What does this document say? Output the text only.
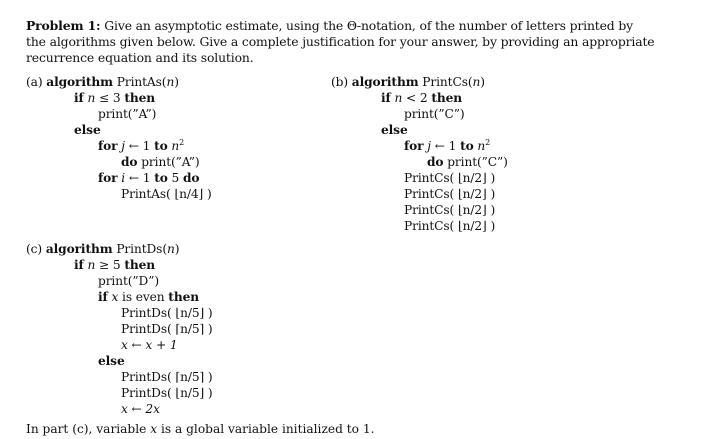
Problem 1: Give an asymptotic estimate, using the Θ-notation, of the number of letters printed by the algorithms given below. Give a complete justification for your answer, by providing an appropriate recurrence equation and its solution.
(a) algorithm PrintAs(n)
if n ≤ 3 then
print(”A”)
else
for j ← 1 to $n^2$
do print(”A”)
for i ← 1 to 5 do
PrintAs( ⌊n/4⌋ )
(b) algorithm PrintCs(n)
if n < 2 then
print(”C”)
else
for j ← 1 to $n^2$
do print(”C”)
PrintCs( ⌊n/2⌋ )
PrintCs( ⌊n/2⌋ )
PrintCs( ⌊n/2⌋ )
PrintCs( ⌊n/2⌋ )
(c) algorithm PrintDs(n)
if n ≥ 5 then
print(”D”)
if x is even then
PrintDs( ⌊n/5⌋ )
PrintDs( ⌈n/5⌉ )
x ← x + 1
else
PrintDs( ⌈n/5⌉ )
PrintDs( ⌊n/5⌋ )
x ← 2x
In part (c), variable x is a global variable initialized to 1.
